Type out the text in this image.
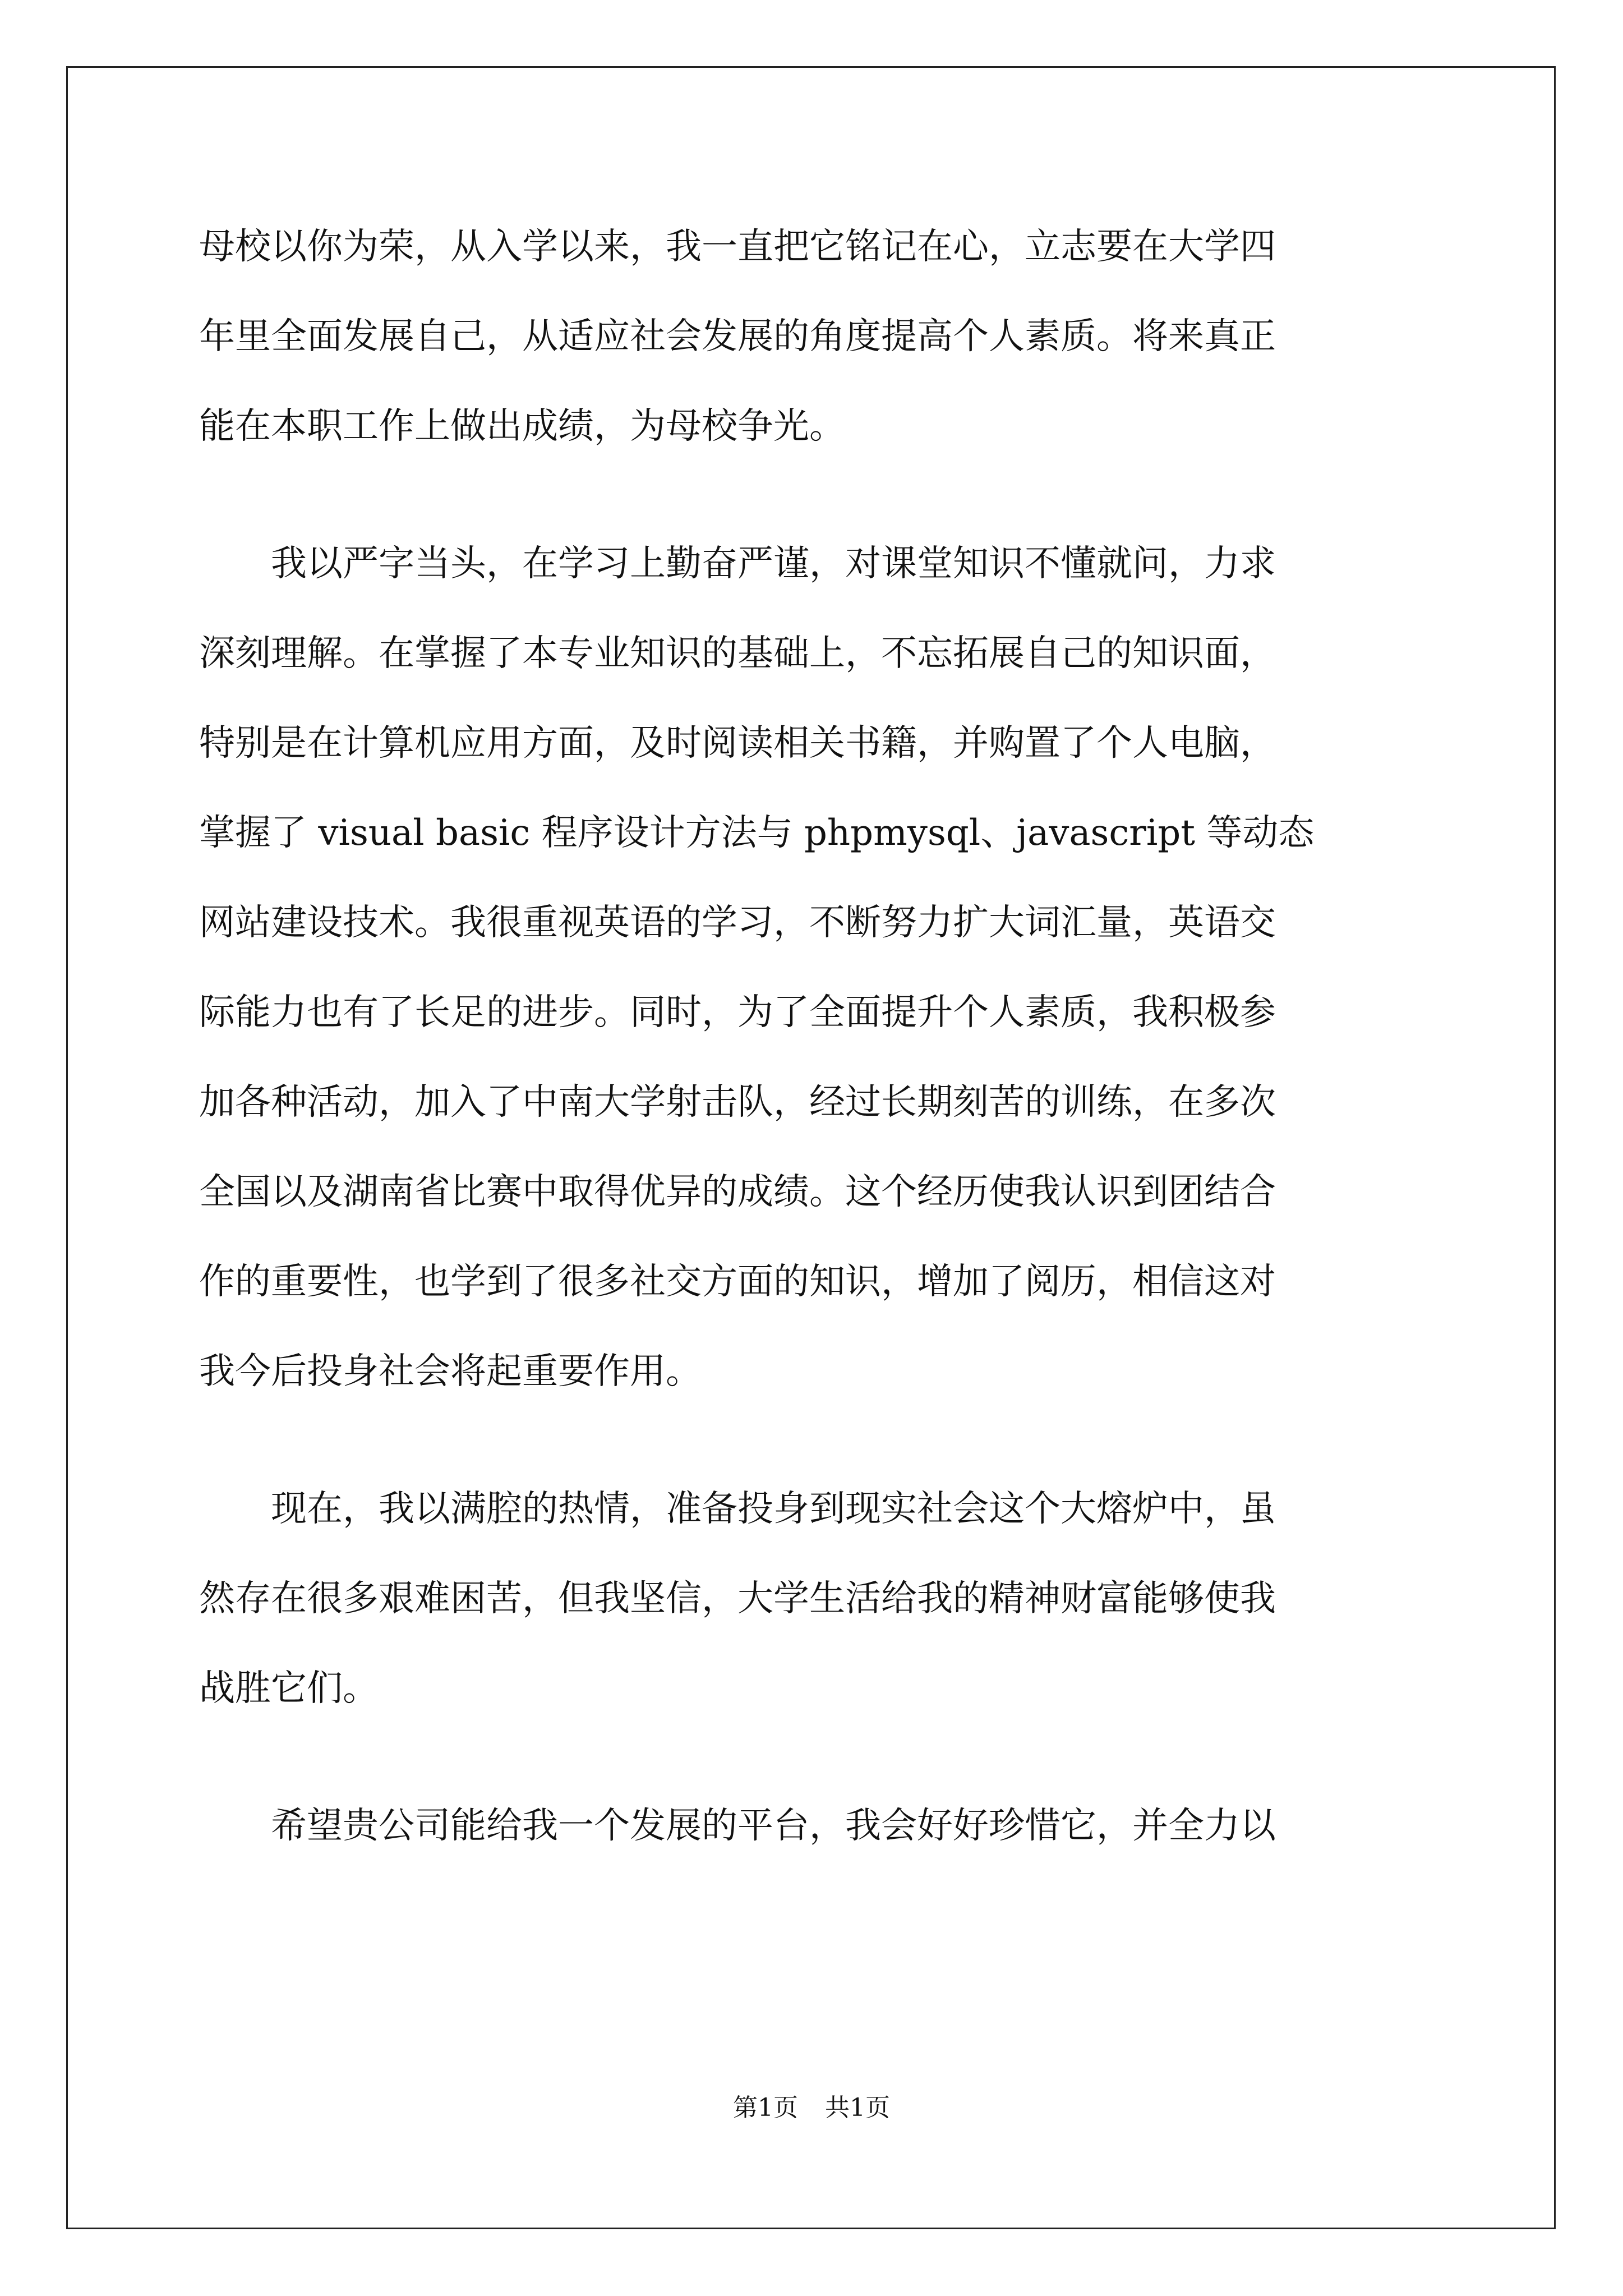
母校以你为荣，从入学以来，我一直把它铭记在心，立志要在大学四
年里全面发展自己，从适应社会发展的角度提高个人素质。将来真正
能在本职工作上做出成绩，为母校争光。
　　我以严字当头，在学习上勤奋严谨，对课堂知识不懂就问，力求
深刻理解。在掌握了本专业知识的基础上，不忘拓展自己的知识面，
特别是在计算机应用方面，及时阅读相关书籍，并购置了个人电脑，
掌握了 visual basic 程序设计方法与 phpmysql、javascript 等动态
网站建设技术。我很重视英语的学习，不断努力扩大词汇量，英语交
际能力也有了长足的进步。同时，为了全面提升个人素质，我积极参
加各种活动，加入了中南大学射击队，经过长期刻苦的训练，在多次
全国以及湖南省比赛中取得优异的成绩。这个经历使我认识到团结合
作的重要性，也学到了很多社交方面的知识，增加了阅历，相信这对
我今后投身社会将起重要作用。
　　现在，我以满腔的热情，准备投身到现实社会这个大熔炉中，虽
然存在很多艰难困苦，但我坚信，大学生活给我的精神财富能够使我
战胜它们。
　　希望贵公司能给我一个发展的平台，我会好好珍惜它，并全力以
第1页 共1页
